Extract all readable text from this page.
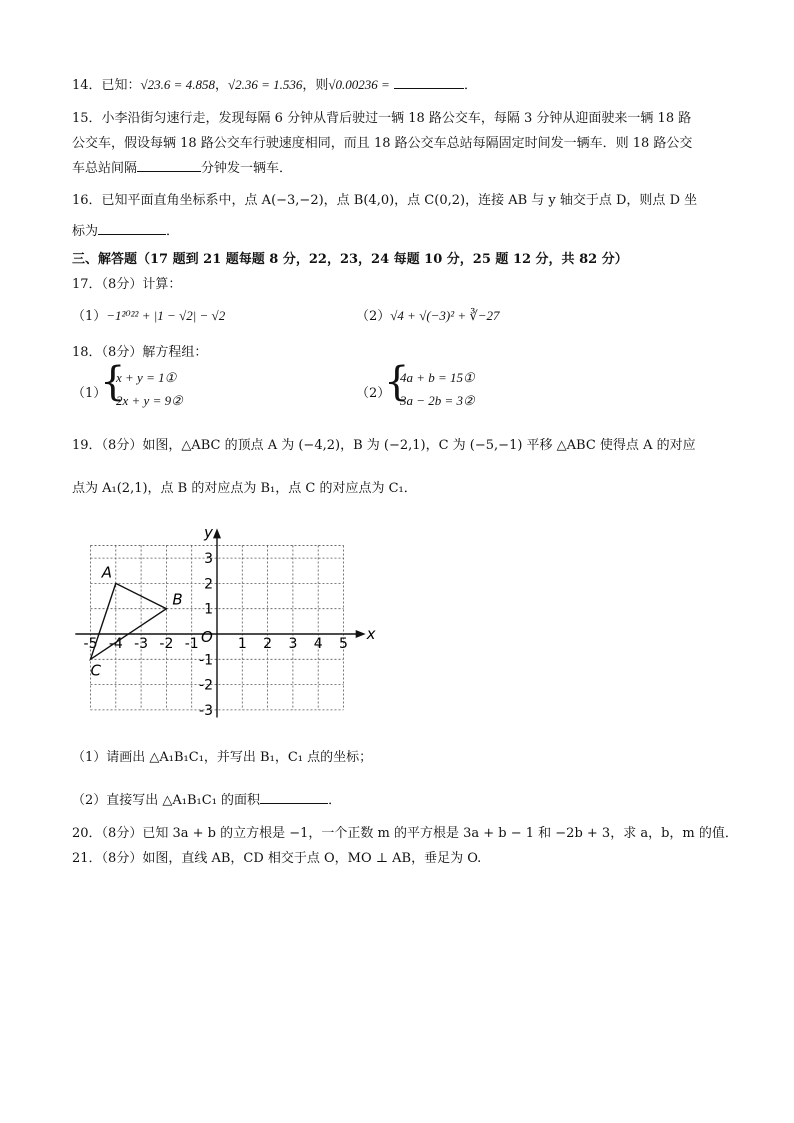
14．已知：√23.6 = 4.858，√2.36 = 1.536，则√0.00236 =	．
15．小李沿街匀速行走，发现每隔 6 分钟从背后驶过一辆 18 路公交车，每隔 3 分钟从迎面驶来一辆 18 路
公交车，假设每辆 18 路公交车行驶速度相同，而且 18 路公交车总站每隔固定时间发一辆车．则 18 路公交
车总站间隔	分钟发一辆车．
16．已知平面直角坐标系中，点 A(−3,−2)，点 B(4,0)，点 C(0,2)，连接 AB 与 y 轴交于点 D，则点 D 坐
标为	．
三、解答题（17 题到 21 题每题 8 分，22，23，24 每题 10 分，25 题 12 分，共 82 分）
17．（8分）计算：
（1）−1²⁰²² + |1 − √2| − √2	（2）√4 + √(−3)² + ∛−27
18．（8分）解方程组：
（1）
{
x + y = 1①
2x + y = 9②	（2）
{
4a + b = 15①
3a − 2b = 3②
19．（8分）如图，△ABC 的顶点 A 为 (−4,2)，B 为 (−2,1)，C 为 (−5,−1) 平移 △ABC 使得点 A 的对应
点为 A₁(2,1)，点 B 的对应点为 B₁，点 C 的对应点为 C₁．
x
y
O
-5 -4 -3 -2 -1	1 2 3 4 5
3
2
1
-1
-2
-3
A
B
C
（1）请画出 △A₁B₁C₁，并写出 B₁，C₁ 点的坐标；
（2）直接写出 △A₁B₁C₁ 的面积	．
20．（8分）已知 3a + b 的立方根是 −1，一个正数 m 的平方根是 3a + b − 1 和 −2b + 3，求 a，b，m 的值．
21．（8分）如图，直线 AB，CD 相交于点 O，MO ⊥ AB，垂足为 O.
